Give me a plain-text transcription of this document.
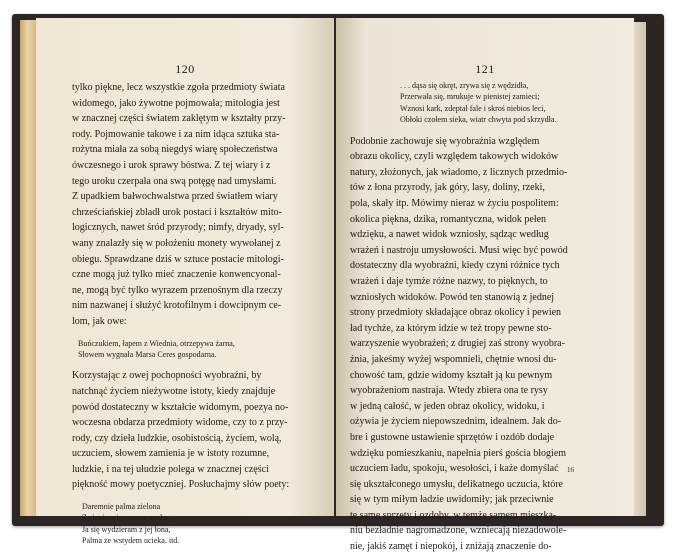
120
tylko piękne, lecz wszystkie zgoła przedmioty świata
widomego, jako żywotne pojmowała; mitologia jest
w znacznej części światem zaklętym w kształty przy-
rody. Pojmowanie takowe i za nim idąca sztuka sta-
rożytna miała za sobą niegdyś wiarę społeczeństwa
ówczesnego i urok sprawy bóstwa. Z tej wiary i z
tego uroku czerpała ona swą potęgę nad umysłami.
Z upadkiem bałwochwalstwa przed światłem wiary
chrześciańskiej zbladł urok postaci i kształtów mito-
logicznych, nawet śród przyrody; nimfy, dryady, syl-
wany znalazły się w położeniu monety wywołanej z
obiegu. Sprawdzane dziś w sztuce postacie mitologi-
czne mogą już tylko mieć znaczenie konwencyonal-
ne, mogą być tylko wyrazem przenośnym dla rzeczy
nim nazwanej i służyć krotofilnym i dowcipnym ce-
lom, jak owe:
Buńczukiem, łapem z Wiednia, otrzepywa żarna,
Słowem wygnała Marsa Ceres gospodarna.
Korzystając z owej pochopności wyobraźni, by
natchnąć życiem nieżywotne istoty, kiedy znajduje
powód dostateczny w kształcie widomym, poezya no-
woczesna obdarza przedmioty widome, czy to z przy-
rody, czy dzieła ludzkie, osobistością, życiem, wolą,
uczuciem, słowem zamienia je w istoty rozumne,
ludzkie, i na tej ułudzie polega w znacznej części
piękność mowy poetyczniej. Posłuchajmy słów poety:
Daremnie palma zielona
Z cieniem i owocem czeka,
Ja się wydzieram z jej łona,
Palma ze wstydem ucieka. itd.
121
. . . dąsa się okręt, zrywa się z wędzidła,
Przerwała się, mrukuje w pienistej zamieci;
Wznosi kark, zdeptał fale i skroś niebios leci,
Obłoki czołem sieka, wiatr chwyta pod skrzydła.
Podobnie zachowuje się wyobraźnia względem
obrazu okolicy, czyli względem takowych widoków
natury, złożonych, jak wiadomo, z licznych przedmio-
tów z łona przyrody, jak góry, lasy, doliny, rzeki,
pola, skały itp. Mówimy nieraz w życiu pospolitem:
okolica piękna, dzika, romantyczna, widok pełen
wdzięku, a nawet widok wzniosły, sądząc według
wrażeń i nastroju umysłowości. Musi więc być powód
dostateczny dla wyobraźni, kiedy czyni różnice tych
wrażeń i daje tymże różne nazwy, to pięknych, to
wzniosłych widoków. Powód ten stanowią z jednej
strony przedmioty składające obraz okolicy i pewien
ład tychże, za którym idzie w też tropy pewne sto-
warzyszenie wyobrażeń; z drugiej zaś strony wyobra-
źnia, jakeśmy wyżej wspomnieli, chętnie wnosi du-
chowość tam, gdzie widomy kształt ją ku pewnym
wyobrażeniom nastraja. Wtedy zbiera ona te rysy
w jedną całość, w jeden obraz okolicy, widoku, i
ożywia je życiem niepowszednim, idealnem. Jak do-
bre i gustowne ustawienie sprzętów i ozdób dodaje
wdzięku pomieszkaniu, napełnia pierś gościa błogiem
uczuciem ładu, spokoju, wesołości, i każe domyślać
się ukształconego umysłu, delikatnego uczucia, które
się w tym miłym ładzie uwidomiły; jak przeciwnie
te same sprzęty i ozdoby, w temże samem mieszka-
niu bezładnie nagromadzone, wzniecają niezadowole-
nie, jakiś zamęt i niepokój, i zniżają znaczenie do-
16
